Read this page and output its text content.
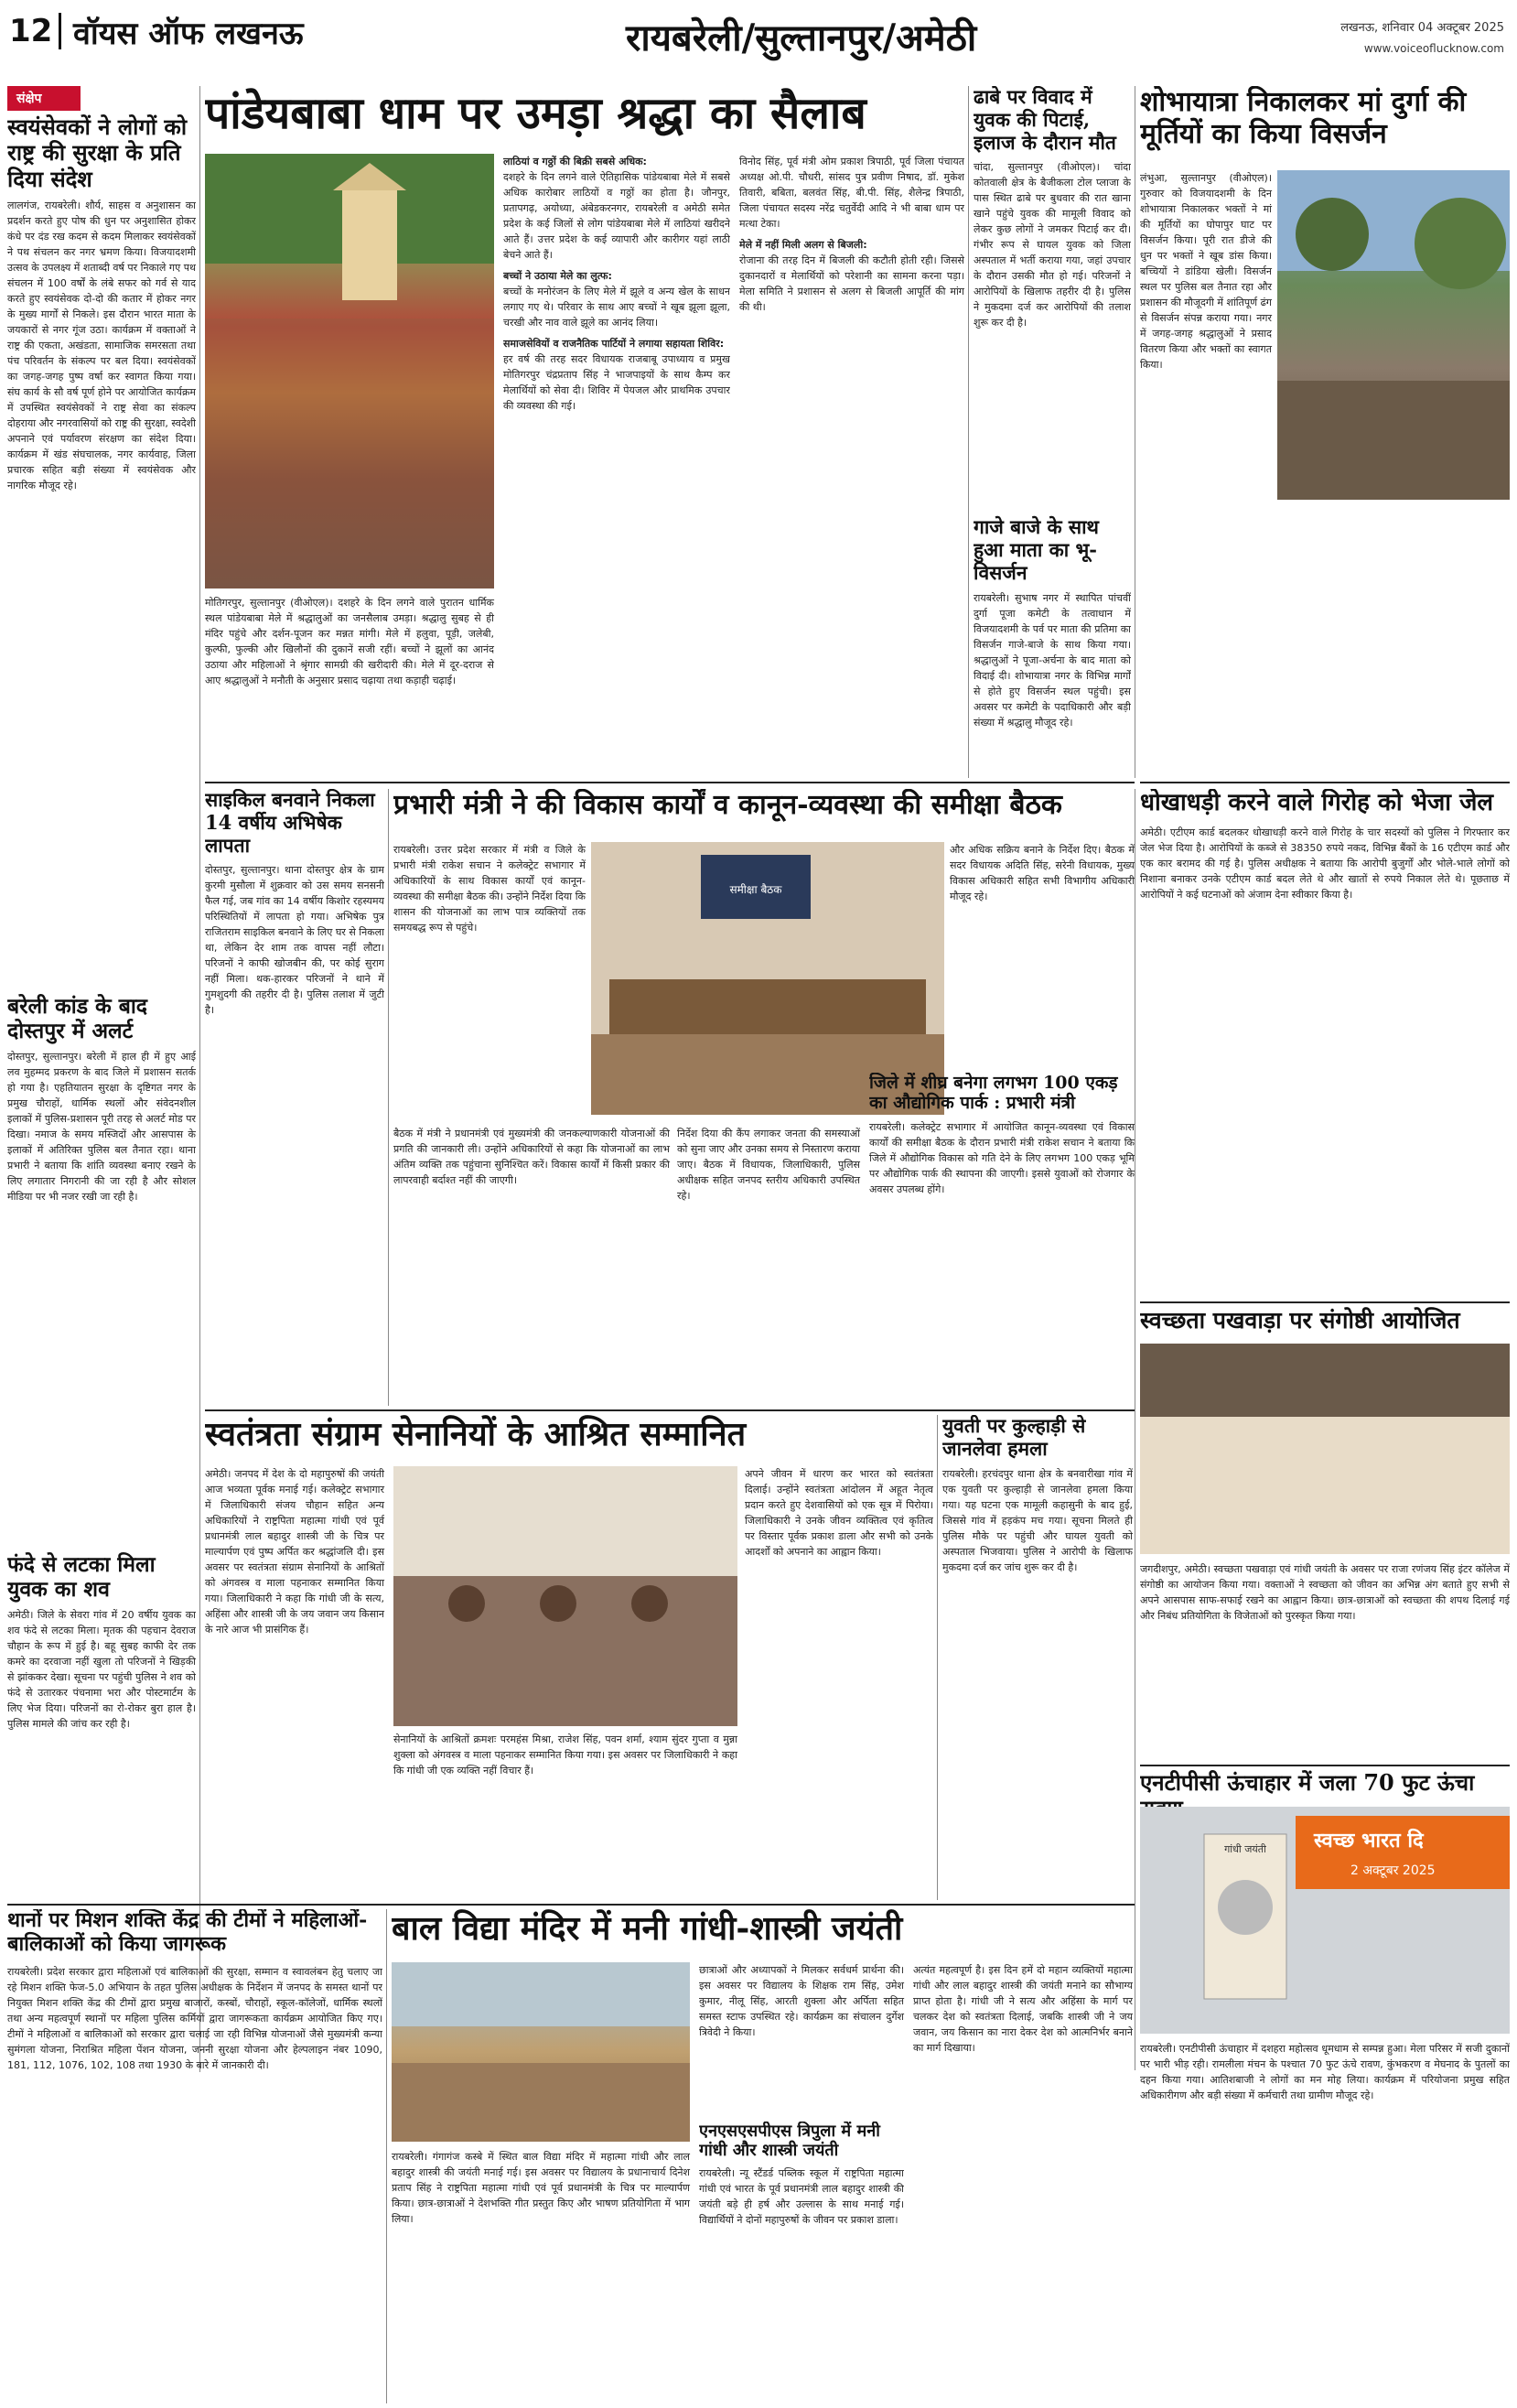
12 वॉयस ऑफ लखनऊ	रायबरेली/सुल्तानपुर/अमेठी	लखनऊ, शनिवार 04 अक्टूबर 2025
www.voiceoflucknow.com
संक्षेप
स्वयंसेवकों ने लोगों को राष्ट्र की सुरक्षा के प्रति दिया संदेश
लालगंज, रायबरेली। शौर्य, साहस व अनुशासन का प्रदर्शन करते हुए पोष की धुन पर अनुशासित होकर कंधे पर दंड रख कदम से कदम मिलाकर स्वयंसेवकों ने पथ संचलन कर नगर भ्रमण किया। विजयादशमी उत्सव के उपलक्ष्य में शताब्दी वर्ष पर निकाले गए पथ संचलन में 100 वर्षों के लंबे सफर को गर्व से याद करते हुए स्वयंसेवक दो-दो की कतार में होकर नगर के मुख्य मार्गों से निकले। इस दौरान भारत माता के जयकारों से नगर गूंज उठा। कार्यक्रम में वक्ताओं ने राष्ट्र की एकता, अखंडता, सामाजिक समरसता तथा पंच परिवर्तन के संकल्प पर बल दिया। स्वयंसेवकों का जगह-जगह पुष्प वर्षा कर स्वागत किया गया। संघ कार्य के सौ वर्ष पूर्ण होने पर आयोजित कार्यक्रम में उपस्थित स्वयंसेवकों ने राष्ट्र सेवा का संकल्प दोहराया और नगरवासियों को राष्ट्र की सुरक्षा, स्वदेशी अपनाने एवं पर्यावरण संरक्षण का संदेश दिया। कार्यक्रम में खंड संघचालक, नगर कार्यवाह, जिला प्रचारक सहित बड़ी संख्या में स्वयंसेवक और नागरिक मौजूद रहे।
बरेली कांड के बाद दोस्तपुर में अलर्ट
दोस्तपुर, सुल्तानपुर। बरेली में हाल ही में हुए आई लव मुहम्मद प्रकरण के बाद जिले में प्रशासन सतर्क हो गया है। एहतियातन सुरक्षा के दृष्टिगत नगर के प्रमुख चौराहों, धार्मिक स्थलों और संवेदनशील इलाकों में पुलिस-प्रशासन पूरी तरह से अलर्ट मोड पर दिखा। नमाज के समय मस्जिदों और आसपास के इलाकों में अतिरिक्त पुलिस बल तैनात रहा। थाना प्रभारी ने बताया कि शांति व्यवस्था बनाए रखने के लिए लगातार निगरानी की जा रही है और सोशल मीडिया पर भी नजर रखी जा रही है।
फंदे से लटका मिला युवक का शव
अमेठी। जिले के सेवरा गांव में 20 वर्षीय युवक का शव फंदे से लटका मिला। मृतक की पहचान देवराज चौहान के रूप में हुई है। बहू सुबह काफी देर तक कमरे का दरवाजा नहीं खुला तो परिजनों ने खिड़की से झांककर देखा। सूचना पर पहुंची पुलिस ने शव को फंदे से उतारकर पंचनामा भरा और पोस्टमार्टम के लिए भेज दिया। परिजनों का रो-रोकर बुरा हाल है। पुलिस मामले की जांच कर रही है।
पांडेयबाबा धाम पर उमड़ा श्रद्धा का सैलाब
मोतिगरपुर, सुल्तानपुर (वीओएल)। दशहरे के दिन लगने वाले पुरातन धार्मिक स्थल पांडेयबाबा मेले में श्रद्धालुओं का जनसैलाब उमड़ा। श्रद्धालु सुबह से ही मंदिर पहुंचे और दर्शन-पूजन कर मन्नत मांगी। मेले में हलुवा, पूड़ी, जलेबी, कुल्फी, फुल्की और खिलौनों की दुकानें सजी रहीं। बच्चों ने झूलों का आनंद उठाया और महिलाओं ने श्रृंगार सामग्री की खरीदारी की। मेले में दूर-दराज से आए श्रद्धालुओं ने मनौती के अनुसार प्रसाद चढ़ाया तथा कड़ाही चढ़ाई।
लाठियां व गठ्ठों की बिक्री सबसे अधिक:
दशहरे के दिन लगने वाले ऐतिहासिक पांडेयबाबा मेले में सबसे अधिक कारोबार लाठियों व गठ्ठों का होता है। जौनपुर, प्रतापगढ़, अयोध्या, अंबेडकरनगर, रायबरेली व अमेठी समेत प्रदेश के कई जिलों से लोग पांडेयबाबा मेले में लाठियां खरीदने आते हैं। उत्तर प्रदेश के कई व्यापारी और कारीगर यहां लाठी बेचने आते हैं।
बच्चों ने उठाया मेले का लुत्फ:
बच्चों के मनोरंजन के लिए मेले में झूले व अन्य खेल के साधन लगाए गए थे। परिवार के साथ आए बच्चों ने खूब झूला झूला, चरखी और नाव वाले झूले का आनंद लिया।
समाजसेवियों व राजनैतिक पार्टियों ने लगाया सहायता शिविर:
हर वर्ष की तरह सदर विधायक राजबाबू उपाध्याय व प्रमुख मोतिगरपुर चंद्रप्रताप सिंह ने भाजपाइयों के साथ कैम्प कर मेलार्थियों को सेवा दी। शिविर में पेयजल और प्राथमिक उपचार की व्यवस्था की गई।
विनोद सिंह, पूर्व मंत्री ओम प्रकाश त्रिपाठी, पूर्व जिला पंचायत अध्यक्ष ओ.पी. चौधरी, सांसद पुत्र प्रवीण निषाद, डॉ. मुकेश तिवारी, बबिता, बलवंत सिंह, बी.पी. सिंह, शैलेन्द्र त्रिपाठी, जिला पंचायत सदस्य नरेंद्र चतुर्वेदी आदि ने भी बाबा धाम पर मत्था टेका।
मेले में नहीं मिली अलग से बिजली:
रोजाना की तरह दिन में बिजली की कटौती होती रही। जिससे दुकानदारों व मेलार्थियों को परेशानी का सामना करना पड़ा। मेला समिति ने प्रशासन से अलग से बिजली आपूर्ति की मांग की थी।
ढाबे पर विवाद में युवक की पिटाई, इलाज के दौरान मौत
चांदा, सुल्तानपुर (वीओएल)। चांदा कोतवाली क्षेत्र के बैजीकला टोल प्लाजा के पास स्थित ढाबे पर बुधवार की रात खाना खाने पहुंचे युवक की मामूली विवाद को लेकर कुछ लोगों ने जमकर पिटाई कर दी। गंभीर रूप से घायल युवक को जिला अस्पताल में भर्ती कराया गया, जहां उपचार के दौरान उसकी मौत हो गई। परिजनों ने आरोपियों के खिलाफ तहरीर दी है। पुलिस ने मुकदमा दर्ज कर आरोपियों की तलाश शुरू कर दी है।
गाजे बाजे के साथ हुआ माता का भू-विसर्जन
रायबरेली। सुभाष नगर में स्थापित पांचवीं दुर्गा पूजा कमेटी के तत्वाधान में विजयादशमी के पर्व पर माता की प्रतिमा का विसर्जन गाजे-बाजे के साथ किया गया। श्रद्धालुओं ने पूजा-अर्चना के बाद माता को विदाई दी। शोभायात्रा नगर के विभिन्न मार्गों से होते हुए विसर्जन स्थल पहुंची। इस अवसर पर कमेटी के पदाधिकारी और बड़ी संख्या में श्रद्धालु मौजूद रहे।
शोभायात्रा निकालकर मां दुर्गा की मूर्तियों का किया विसर्जन
लंभुआ, सुल्तानपुर (वीओएल)। गुरुवार को विजयादशमी के दिन शोभायात्रा निकालकर भक्तों ने मां की मूर्तियों का घोपापुर घाट पर विसर्जन किया। पूरी रात डीजे की धुन पर भक्तों ने खूब डांस किया। बच्चियों ने डांडिया खेली। विसर्जन स्थल पर पुलिस बल तैनात रहा और प्रशासन की मौजूदगी में शांतिपूर्ण ढंग से विसर्जन संपन्न कराया गया। नगर में जगह-जगह श्रद्धालुओं ने प्रसाद वितरण किया और भक्तों का स्वागत किया।
साइकिल बनवाने निकला 14 वर्षीय अभिषेक लापता
दोस्तपुर, सुल्तानपुर। थाना दोस्तपुर क्षेत्र के ग्राम कुरमी मुसौला में शुक्रवार को उस समय सनसनी फैल गई, जब गांव का 14 वर्षीय किशोर रहस्यमय परिस्थितियों में लापता हो गया। अभिषेक पुत्र राजितराम साइकिल बनवाने के लिए घर से निकला था, लेकिन देर शाम तक वापस नहीं लौटा। परिजनों ने काफी खोजबीन की, पर कोई सुराग नहीं मिला। थक-हारकर परिजनों ने थाने में गुमशुदगी की तहरीर दी है। पुलिस तलाश में जुटी है।
प्रभारी मंत्री ने की विकास कार्यों व कानून-व्यवस्था की समीक्षा बैठक
रायबरेली। उत्तर प्रदेश सरकार में मंत्री व जिले के प्रभारी मंत्री राकेश सचान ने कलेक्ट्रेट सभागार में अधिकारियों के साथ विकास कार्यों एवं कानून-व्यवस्था की समीक्षा बैठक की। उन्होंने निर्देश दिया कि शासन की योजनाओं का लाभ पात्र व्यक्तियों तक समयबद्ध रूप से पहुंचे।
समीक्षा बैठक
बैठक में मंत्री ने प्रधानमंत्री एवं मुख्यमंत्री की जनकल्याणकारी योजनाओं की प्रगति की जानकारी ली। उन्होंने अधिकारियों से कहा कि योजनाओं का लाभ अंतिम व्यक्ति तक पहुंचाना सुनिश्चित करें। विकास कार्यों में किसी प्रकार की लापरवाही बर्दाश्त नहीं की जाएगी।
निर्देश दिया की कैंप लगाकर जनता की समस्याओं को सुना जाए और उनका समय से निस्तारण कराया जाए। बैठक में विधायक, जिलाधिकारी, पुलिस अधीक्षक सहित जनपद स्तरीय अधिकारी उपस्थित रहे।
और अधिक सक्रिय बनाने के निर्देश दिए। बैठक में सदर विधायक अदिति सिंह, सरेनी विधायक, मुख्य विकास अधिकारी सहित सभी विभागीय अधिकारी मौजूद रहे।
जिले में शीघ्र बनेगा लगभग 100 एकड़ का औद्योगिक पार्क : प्रभारी मंत्री
रायबरेली। कलेक्ट्रेट सभागार में आयोजित कानून-व्यवस्था एवं विकास कार्यों की समीक्षा बैठक के दौरान प्रभारी मंत्री राकेश सचान ने बताया कि जिले में औद्योगिक विकास को गति देने के लिए लगभग 100 एकड़ भूमि पर औद्योगिक पार्क की स्थापना की जाएगी। इससे युवाओं को रोजगार के अवसर उपलब्ध होंगे।
धोखाधड़ी करने वाले गिरोह को भेजा जेल
अमेठी। एटीएम कार्ड बदलकर धोखाधड़ी करने वाले गिरोह के चार सदस्यों को पुलिस ने गिरफ्तार कर जेल भेज दिया है। आरोपियों के कब्जे से 38350 रुपये नकद, विभिन्न बैंकों के 16 एटीएम कार्ड और एक कार बरामद की गई है। पुलिस अधीक्षक ने बताया कि आरोपी बुजुर्गों और भोले-भाले लोगों को निशाना बनाकर उनके एटीएम कार्ड बदल लेते थे और खातों से रुपये निकाल लेते थे। पूछताछ में आरोपियों ने कई घटनाओं को अंजाम देना स्वीकार किया है।
स्वच्छता पखवाड़ा पर संगोष्ठी आयोजित
जगदीशपुर, अमेठी। स्वच्छता पखवाड़ा एवं गांधी जयंती के अवसर पर राजा रणंजय सिंह इंटर कॉलेज में संगोष्ठी का आयोजन किया गया। वक्ताओं ने स्वच्छता को जीवन का अभिन्न अंग बताते हुए सभी से अपने आसपास साफ-सफाई रखने का आह्वान किया। छात्र-छात्राओं को स्वच्छता की शपथ दिलाई गई और निबंध प्रतियोगिता के विजेताओं को पुरस्कृत किया गया।
एनटीपीसी ऊंचाहार में जला 70 फुट ऊंचा
स्वच्छ भारत दि
2 अक्टूबर 2025
गांधी जयंती
रायबरेली। एनटीपीसी ऊंचाहार में दशहरा महोत्सव धूमधाम से सम्पन्न हुआ। मेला परिसर में सजी दुकानों पर भारी भीड़ रही। रामलीला मंचन के पश्चात 70 फुट ऊंचे रावण, कुंभकरण व मेघनाद के पुतलों का दहन किया गया। आतिशबाजी ने लोगों का मन मोह लिया। कार्यक्रम में परियोजना प्रमुख सहित अधिकारीगण और बड़ी संख्या में कर्मचारी तथा ग्रामीण मौजूद रहे।
स्वतंत्रता संग्राम सेनानियों के आश्रित सम्मानित
अमेठी। जनपद में देश के दो महापुरुषों की जयंती आज भव्यता पूर्वक मनाई गई। कलेक्ट्रेट सभागार में जिलाधिकारी संजय चौहान सहित अन्य अधिकारियों ने राष्ट्रपिता महात्मा गांधी एवं पूर्व प्रधानमंत्री लाल बहादुर शास्त्री जी के चित्र पर माल्यार्पण एवं पुष्प अर्पित कर श्रद्धांजलि दी। इस अवसर पर स्वतंत्रता संग्राम सेनानियों के आश्रितों को अंगवस्त्र व माला पहनाकर सम्मानित किया गया। जिलाधिकारी ने कहा कि गांधी जी के सत्य, अहिंसा और शास्त्री जी के जय जवान जय किसान के नारे आज भी प्रासंगिक हैं।
सेनानियों के आश्रितों क्रमशः परमहंस मिश्रा, राजेश सिंह, पवन शर्मा, श्याम सुंदर गुप्ता व मुन्ना शुक्ला को अंगवस्त्र व माला पहनाकर सम्मानित किया गया। इस अवसर पर जिलाधिकारी ने कहा कि गांधी जी एक व्यक्ति नहीं विचार हैं।
अपने जीवन में धारण कर भारत को स्वतंत्रता दिलाई। उन्होंने स्वतंत्रता आंदोलन में अहूत नेतृत्व प्रदान करते हुए देशवासियों को एक सूत्र में पिरोया। जिलाधिकारी ने उनके जीवन व्यक्तित्व एवं कृतित्व पर विस्तार पूर्वक प्रकाश डाला और सभी को उनके आदर्शों को अपनाने का आह्वान किया।
युवती पर कुल्हाड़ी से जानलेवा हमला
रायबरेली। हरचंदपुर थाना क्षेत्र के बनवारीखा गांव में एक युवती पर कुल्हाड़ी से जानलेवा हमला किया गया। यह घटना एक मामूली कहासुनी के बाद हुई, जिससे गांव में हड़कंप मच गया। सूचना मिलते ही पुलिस मौके पर पहुंची और घायल युवती को अस्पताल भिजवाया। पुलिस ने आरोपी के खिलाफ मुकदमा दर्ज कर जांच शुरू कर दी है।
थानों पर मिशन शक्ति केंद्र की टीमों ने महिलाओं-बालिकाओं को किया जागरूक
रायबरेली। प्रदेश सरकार द्वारा महिलाओं एवं बालिकाओं की सुरक्षा, सम्मान व स्वावलंबन हेतु चलाए जा रहे मिशन शक्ति फेज-5.0 अभियान के तहत पुलिस अधीक्षक के निर्देशन में जनपद के समस्त थानों पर नियुक्त मिशन शक्ति केंद्र की टीमों द्वारा प्रमुख बाजारों, कस्बों, चौराहों, स्कूल-कॉलेजों, धार्मिक स्थलों तथा अन्य महत्वपूर्ण स्थानों पर महिला पुलिस कर्मियों द्वारा जागरूकता कार्यक्रम आयोजित किए गए। टीमों ने महिलाओं व बालिकाओं को सरकार द्वारा चलाई जा रही विभिन्न योजनाओं जैसे मुख्यमंत्री कन्या सुमंगला योजना, निराश्रित महिला पेंशन योजना, जननी सुरक्षा योजना और हेल्पलाइन नंबर 1090, 181, 112, 1076, 102, 108 तथा 1930 के बारे में जानकारी दी।
बाल विद्या मंदिर में मनी गांधी-शास्त्री जयंती
रायबरेली। गंगागंज कस्बे में स्थित बाल विद्या मंदिर में महात्मा गांधी और लाल बहादुर शास्त्री की जयंती मनाई गई। इस अवसर पर विद्यालय के प्रधानाचार्य दिनेश प्रताप सिंह ने राष्ट्रपिता महात्मा गांधी एवं पूर्व प्रधानमंत्री के चित्र पर माल्यार्पण किया। छात्र-छात्राओं ने देशभक्ति गीत प्रस्तुत किए और भाषण प्रतियोगिता में भाग लिया।
छात्राओं और अध्यापकों ने मिलकर सर्वधर्म प्रार्थना की। इस अवसर पर विद्यालय के शिक्षक राम सिंह, उमेश कुमार, नीलू सिंह, आरती शुक्ला और अर्पिता सहित समस्त स्टाफ उपस्थित रहे। कार्यक्रम का संचालन दुर्गेश त्रिवेदी ने किया।
एनएसएसपीएस त्रिपुला में मनी गांधी और शास्त्री जयंती
रायबरेली। न्यू स्टैंडर्ड पब्लिक स्कूल में राष्ट्रपिता महात्मा गांधी एवं भारत के पूर्व प्रधानमंत्री लाल बहादुर शास्त्री की जयंती बड़े ही हर्ष और उल्लास के साथ मनाई गई। विद्यार्थियों ने दोनों महापुरुषों के जीवन पर प्रकाश डाला।
अत्यंत महत्वपूर्ण है। इस दिन हमें दो महान व्यक्तियों महात्मा गांधी और लाल बहादुर शास्त्री की जयंती मनाने का सौभाग्य प्राप्त होता है। गांधी जी ने सत्य और अहिंसा के मार्ग पर चलकर देश को स्वतंत्रता दिलाई, जबकि शास्त्री जी ने जय जवान, जय किसान का नारा देकर देश को आत्मनिर्भर बनाने का मार्ग दिखाया।
